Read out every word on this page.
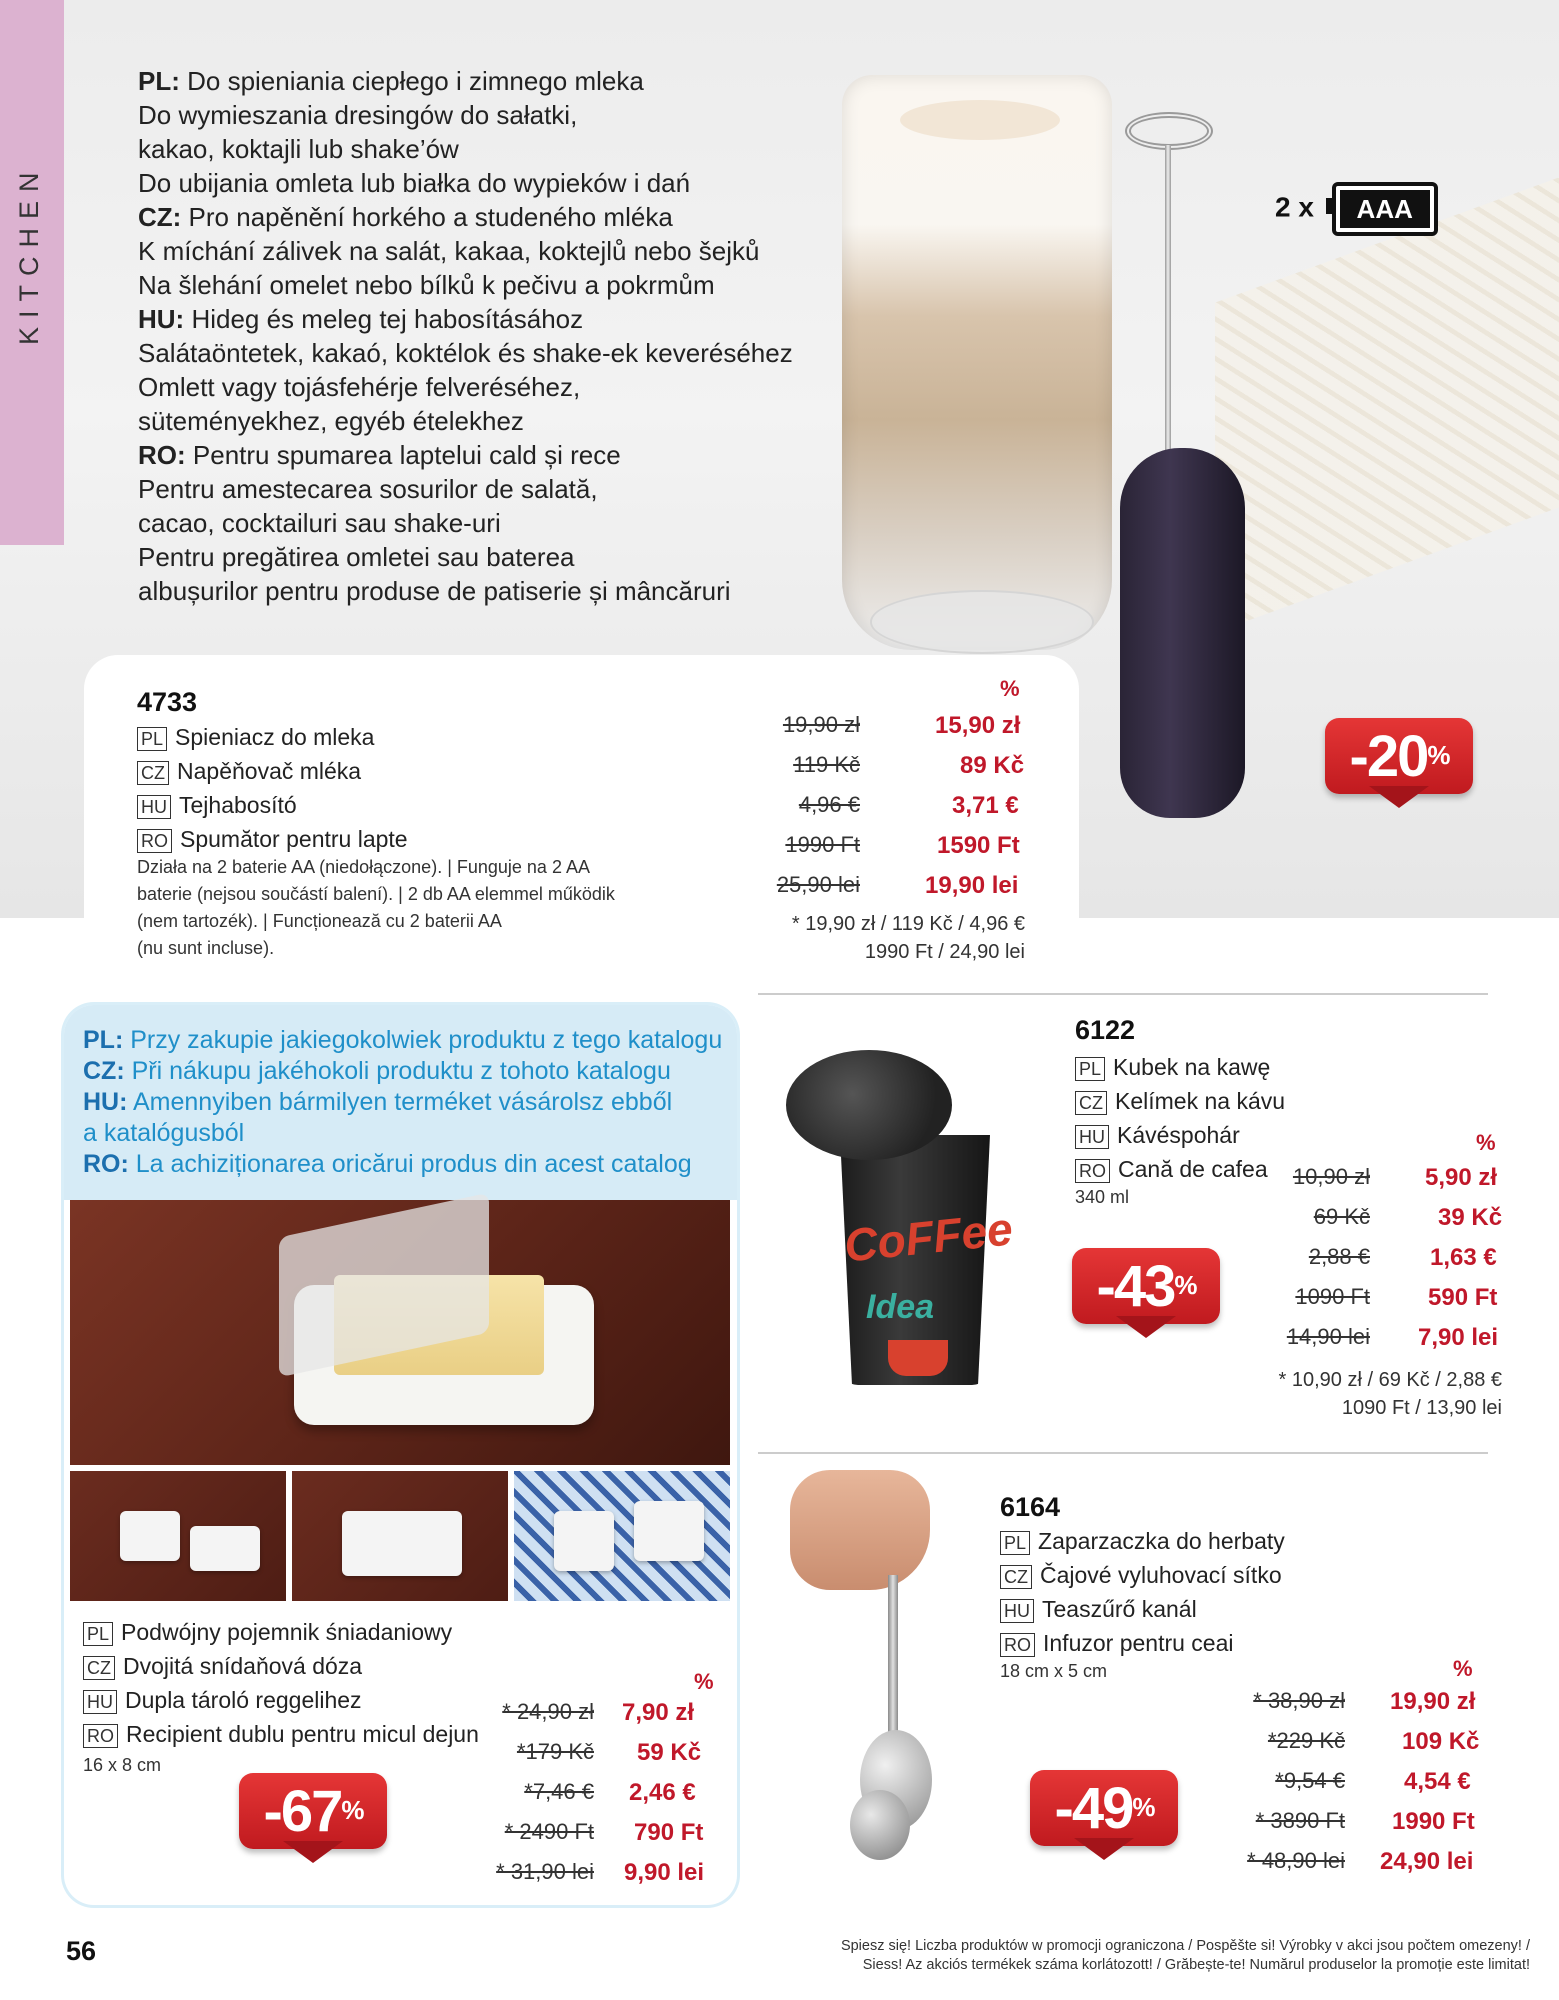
KITCHEN
PL: Do spieniania ciepłego i zimnego mleka
Do wymieszania dresingów do sałatki,
kakao, koktajli lub shake’ów
Do ubijania omleta lub białka do wypieków i dań
CZ: Pro napěnění horkého a studeného mléka
K míchání zálivek na salát, kakaa, koktejlů nebo šejků
Na šlehání omelet nebo bílků k pečivu a pokrmům
HU: Hideg és meleg tej habosításához
Salátaöntetek, kakaó, koktélok és shake-ek keveréséhez
Omlett vagy tojásfehérje felveréséhez,
süteményekhez, egyéb ételekhez
RO: Pentru spumarea laptelui cald și rece
Pentru amestecarea sosurilor de salată,
cacao, cocktailuri sau shake-uri
Pentru pregătirea omletei sau baterea
albușurilor pentru produse de patiserie și mâncăruri
2 x	AAA
-20%
4733
PL Spieniacz do mleka
CZ Napěňovač mléka
HU Tejhabosító
RO Spumător pentru lapte
Działa na 2 baterie AA (niedołączone). | Funguje na 2 AA
baterie (nejsou součástí balení). | 2 db AA elemmel működik
(nem tartozék). | Funcționează cu 2 baterii AA
(nu sunt incluse).
%
19,90 zł	15,90 zł
119 Kč	89 Kč
4,96 €	3,71 €
1990 Ft	1590 Ft
25,90 lei	19,90 lei
* 19,90 zł / 119 Kč / 4,96 €
1990 Ft / 24,90 lei
PL: Przy zakupie jakiegokolwiek produktu z tego katalogu
CZ: Při nákupu jakéhokoli produktu z tohoto katalogu
HU: Amennyiben bármilyen terméket vásárolsz ebből
a katalógusból
RO: La achiziționarea oricărui produs din acest catalog
PL Podwójny pojemnik śniadaniowy
CZ Dvojitá snídaňová dóza
HU Dupla tároló reggelihez
RO Recipient dublu pentru micul dejun
16 x 8 cm
%
* 24,90 zł 7,90 zł
*179 Kč 59 Kč
*7,46 € 2,46 €
* 2490 Ft 790 Ft
* 31,90 lei 9,90 lei
-67%
CoFFee
Idea
6122
PL Kubek na kawę
CZ Kelímek na kávu
HU Kávéspohár
RO Cană de cafea
340 ml
%
10,90 zł 5,90 zł
69 Kč	39 Kč
2,88 €	1,63 €
1090 Ft 590 Ft
14,90 lei 7,90 lei
* 10,90 zł / 69 Kč / 2,88 €
1090 Ft / 13,90 lei
-43%
6164
PL Zaparzaczka do herbaty
CZ Čajové vyluhovací sítko
HU Teaszűrő kanál
RO Infuzor pentru ceai
18 cm x 5 cm	%
* 38,90 zł 19,90 zł
*229 Kč 109 Kč
*9,54 € 4,54 €
* 3890 Ft 1990 Ft
* 48,90 lei 24,90 lei
-49%
56	Spiesz się! Liczba produktów w promocji ograniczona / Pospěšte si! Výrobky v akci jsou počtem omezeny! /
Siess! Az akciós termékek száma korlátozott! / Grăbește-te! Numărul produselor la promoție este limitat!
